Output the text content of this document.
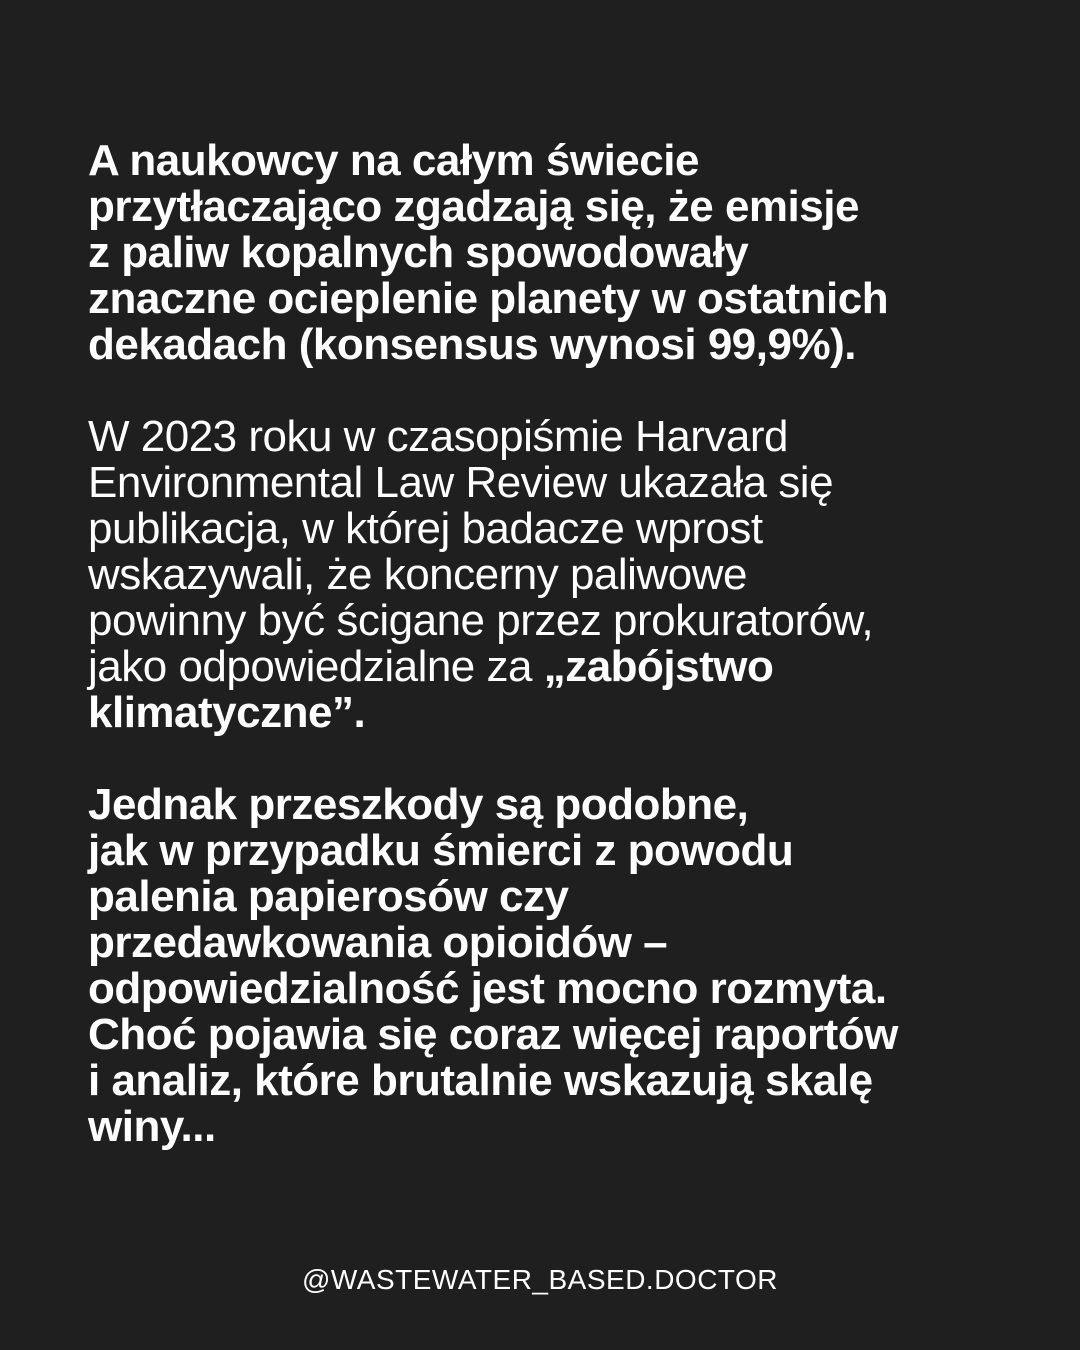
A naukowcy na całym świecie
przytłaczająco zgadzają się, że emisje
z paliw kopalnych spowodowały
znaczne ocieplenie planety w ostatnich
dekadach (konsensus wynosi 99,9%).

W 2023 roku w czasopiśmie Harvard
Environmental Law Review ukazała się
publikacja, w której badacze wprost
wskazywali, że koncerny paliwowe
powinny być ścigane przez prokuratorów,
jako odpowiedzialne za „zabójstwo
klimatyczne”.

Jednak przeszkody są podobne,
jak w przypadku śmierci z powodu
palenia papierosów czy
przedawkowania opioidów –
odpowiedzialność jest mocno rozmyta.
Choć pojawia się coraz więcej raportów
i analiz, które brutalnie wskazują skalę
winy...

@WASTEWATER_BASED.DOCTOR
